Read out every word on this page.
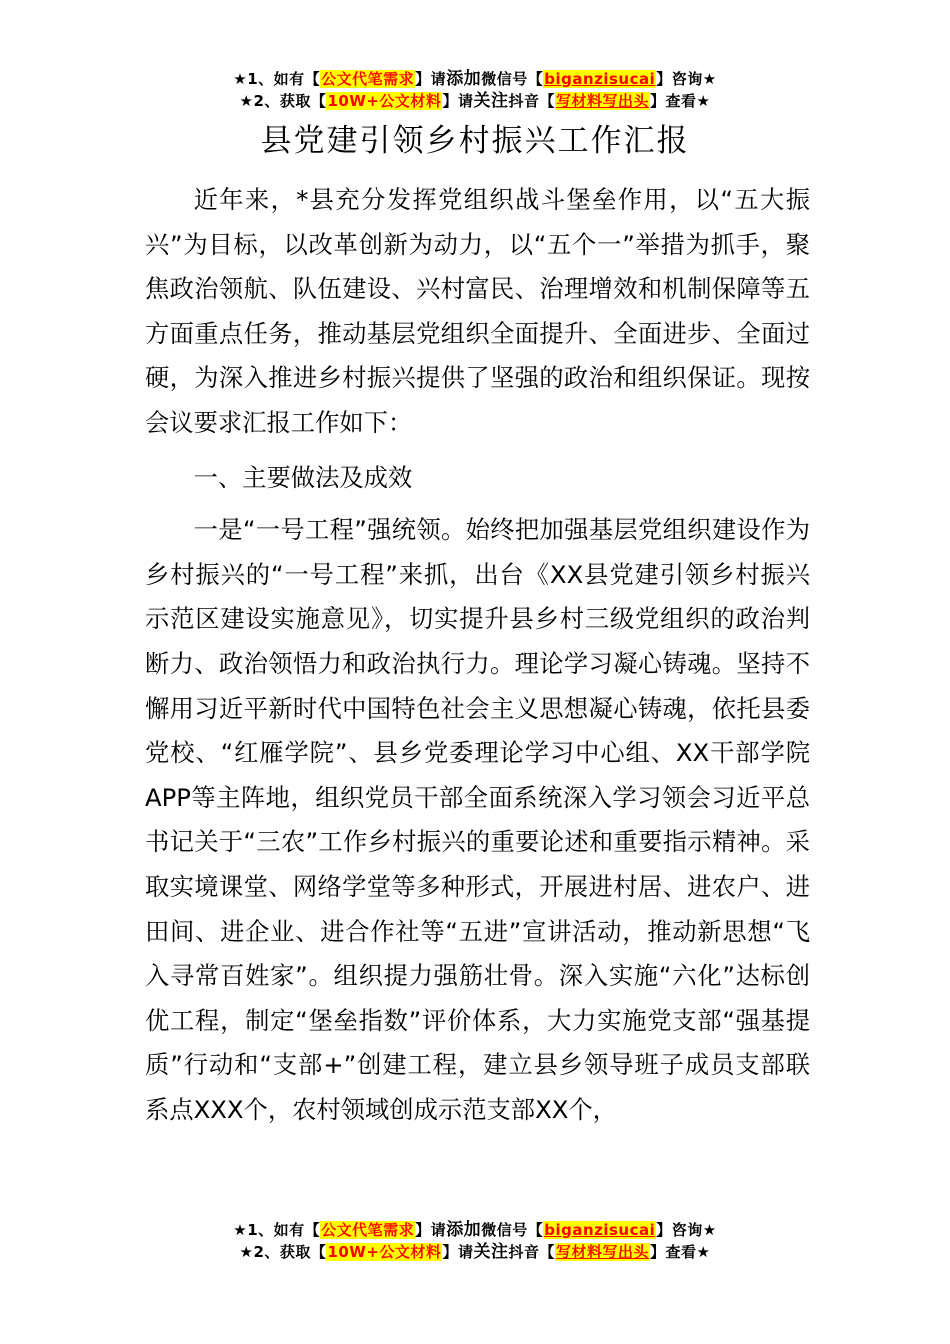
★1、如有【公文代笔需求】请添加微信号【biganzisucai】咨询★
★2、获取【10W+公文材料】请关注抖音【写材料写出头】查看★
县党建引领乡村振兴工作汇报

近年来，*县充分发挥党组织战斗堡垒作用，以“五大振兴”为目标，以改革创新为动力，以“五个一”举措为抓手，聚焦政治领航、队伍建设、兴村富民、治理增效和机制保障等五方面重点任务，推动基层党组织全面提升、全面进步、全面过硬，为深入推进乡村振兴提供了坚强的政治和组织保证。现按会议要求汇报工作如下：

一、主要做法及成效

一是“一号工程”强统领。始终把加强基层党组织建设作为乡村振兴的“一号工程”来抓，出台《XX县党建引领乡村振兴示范区建设实施意见》，切实提升县乡村三级党组织的政治判断力、政治领悟力和政治执行力。理论学习凝心铸魂。坚持不懈用习近平新时代中国特色社会主义思想凝心铸魂，依托县委党校、“红雁学院”、县乡党委理论学习中心组、XX干部学院APP等主阵地，组织党员干部全面系统深入学习领会习近平总书记关于“三农”工作乡村振兴的重要论述和重要指示精神。采取实境课堂、网络学堂等多种形式，开展进村居、进农户、进田间、进企业、进合作社等“五进”宣讲活动，推动新思想“飞入寻常百姓家”。组织提力强筋壮骨。深入实施“六化”达标创优工程，制定“堡垒指数”评价体系，大力实施党支部“强基提质”行动和“支部+”创建工程，建立县乡领导班子成员支部联系点XXX个，农村领域创成示范支部XX个，

★1、如有【公文代笔需求】请添加微信号【biganzisucai】咨询★
★2、获取【10W+公文材料】请关注抖音【写材料写出头】查看★
